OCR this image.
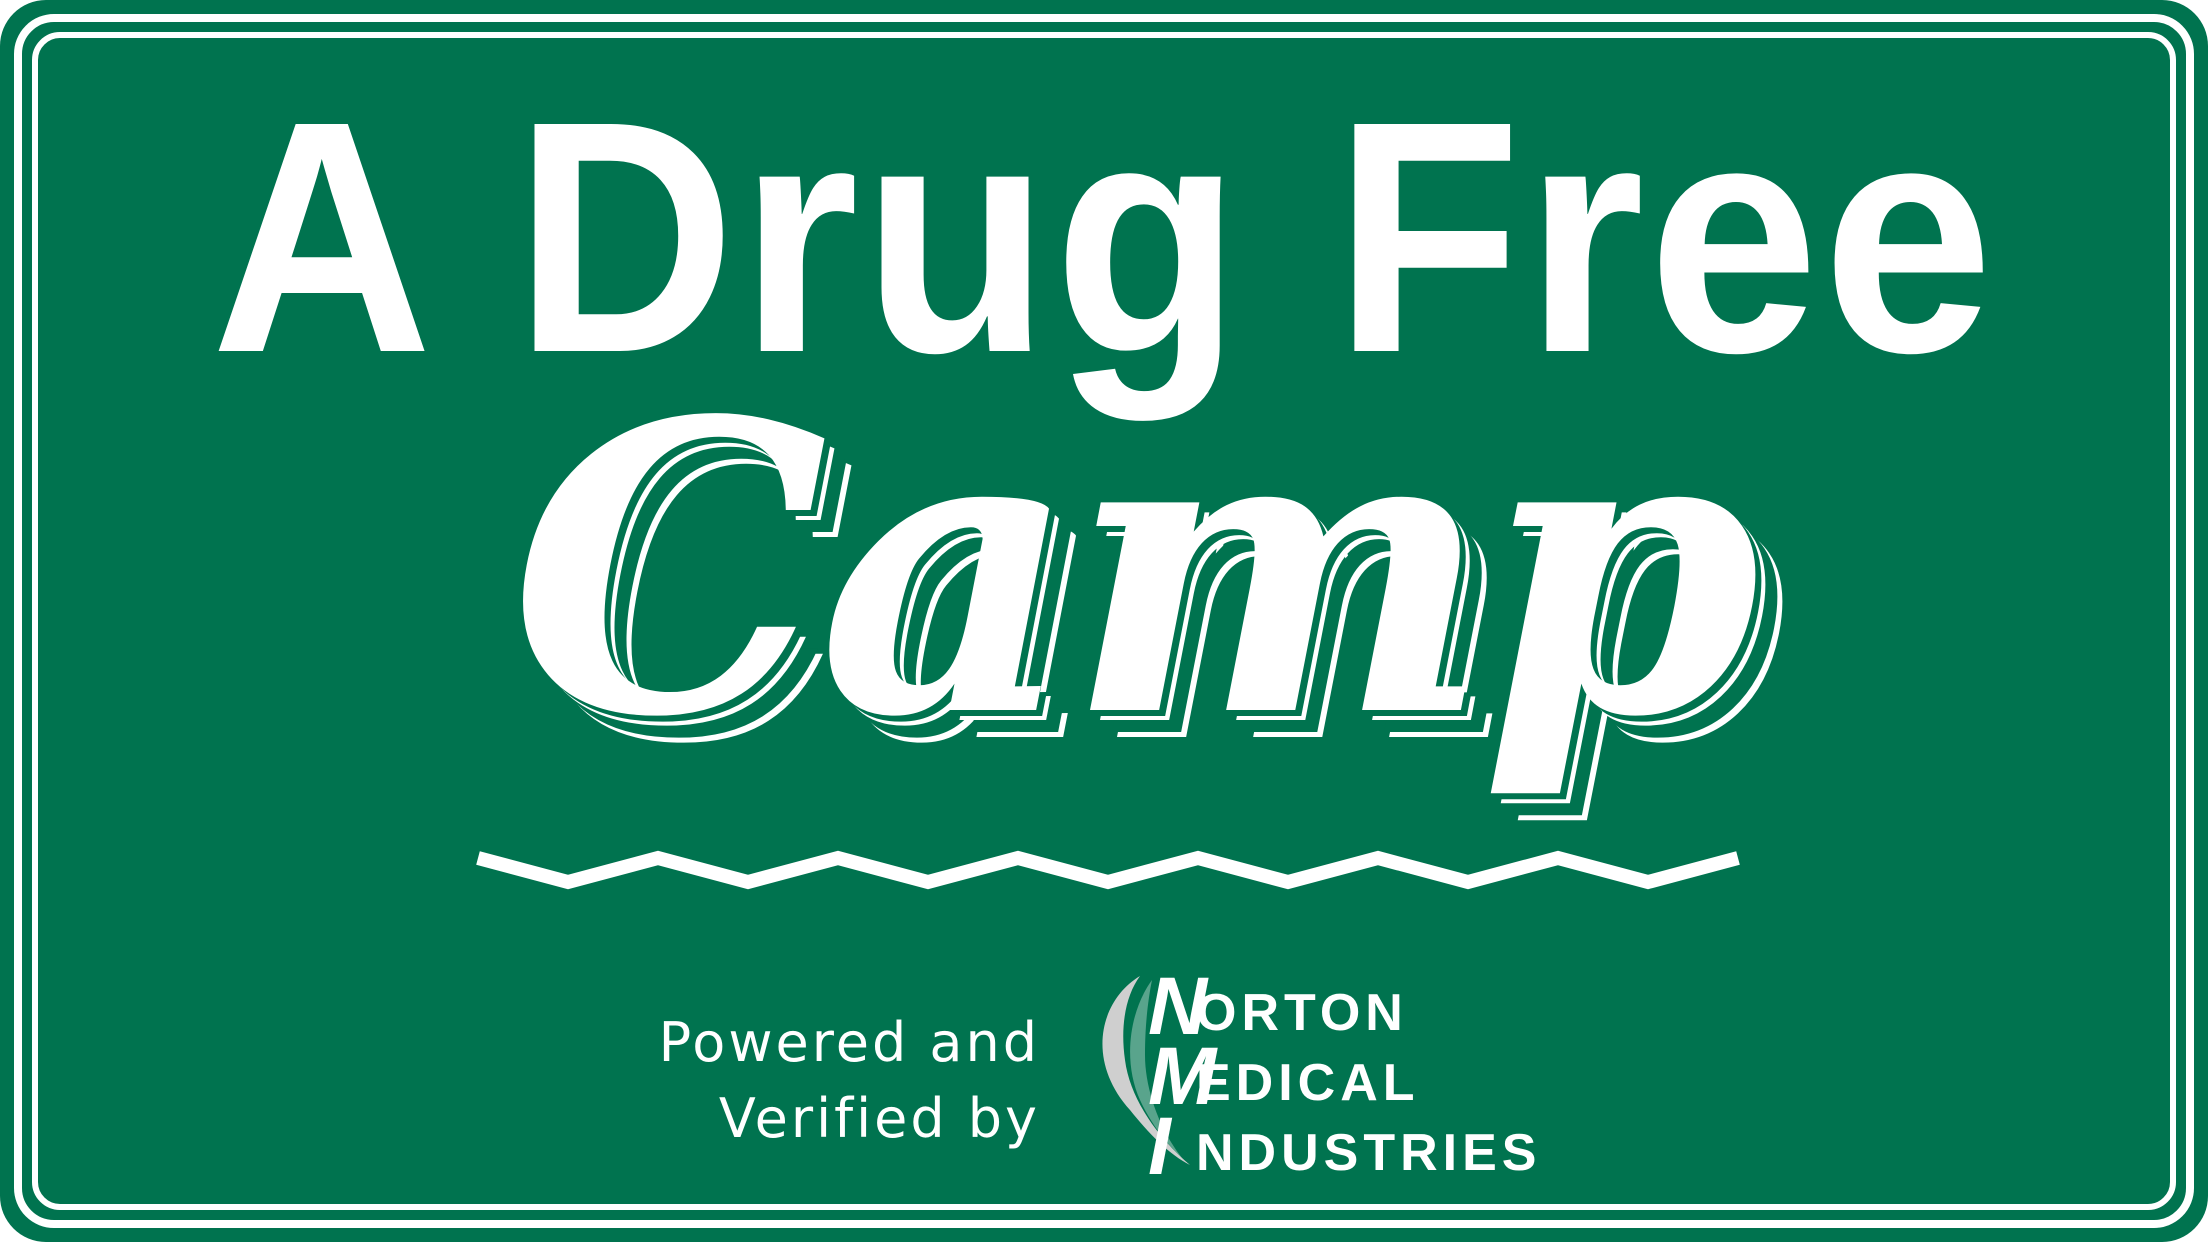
A Drug Free
Camp
Powered and
Verified by
NORTON
MEDICAL
I NDUSTRIES
